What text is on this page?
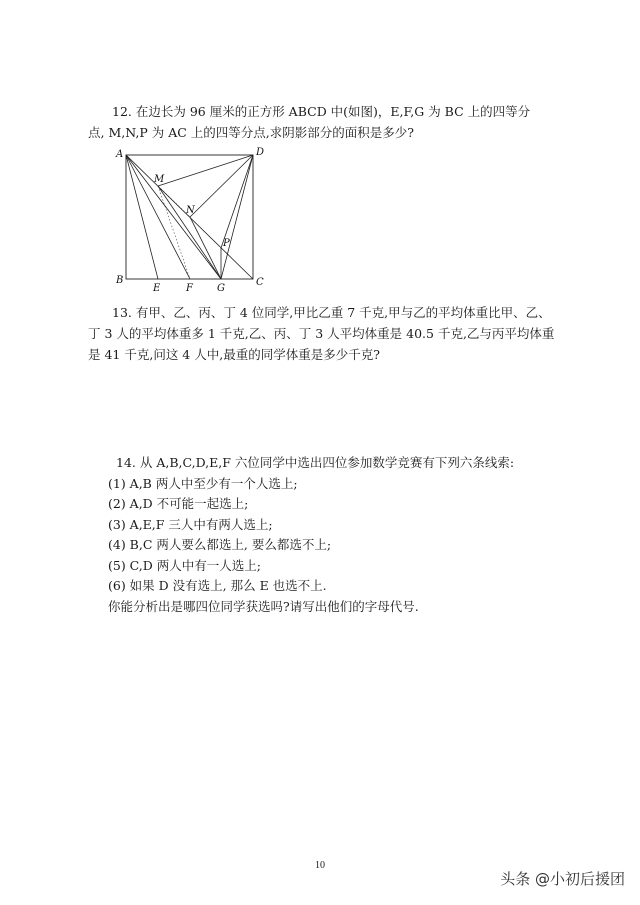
12. 在边长为 96 厘米的正方形 ABCD 中(如图)，E,F,G 为 BC 上的四等分
点, M,N,P 为 AC 上的四等分点,求阴影部分的面积是多少?
A	D
B	C
E	F G
M
N
P
13. 有甲、乙、丙、丁 4 位同学,甲比乙重 7 千克,甲与乙的平均体重比甲、乙、
丁 3 人的平均体重多 1 千克,乙、丙、丁 3 人平均体重是 40.5 千克,乙与丙平均体重
是 41 千克,问这 4 人中,最重的同学体重是多少千克?
14. 从 A,B,C,D,E,F 六位同学中选出四位参加数学竞赛有下列六条线索:
(1) A,B 两人中至少有一个人选上;
(2) A,D 不可能一起选上;
(3) A,E,F 三人中有两人选上;
(4) B,C 两人要么都选上, 要么都选不上;
(5) C,D 两人中有一人选上;
(6) 如果 D 没有选上, 那么 E 也选不上.
你能分析出是哪四位同学获选吗?请写出他们的字母代号.
10
头条 @小初后援团
